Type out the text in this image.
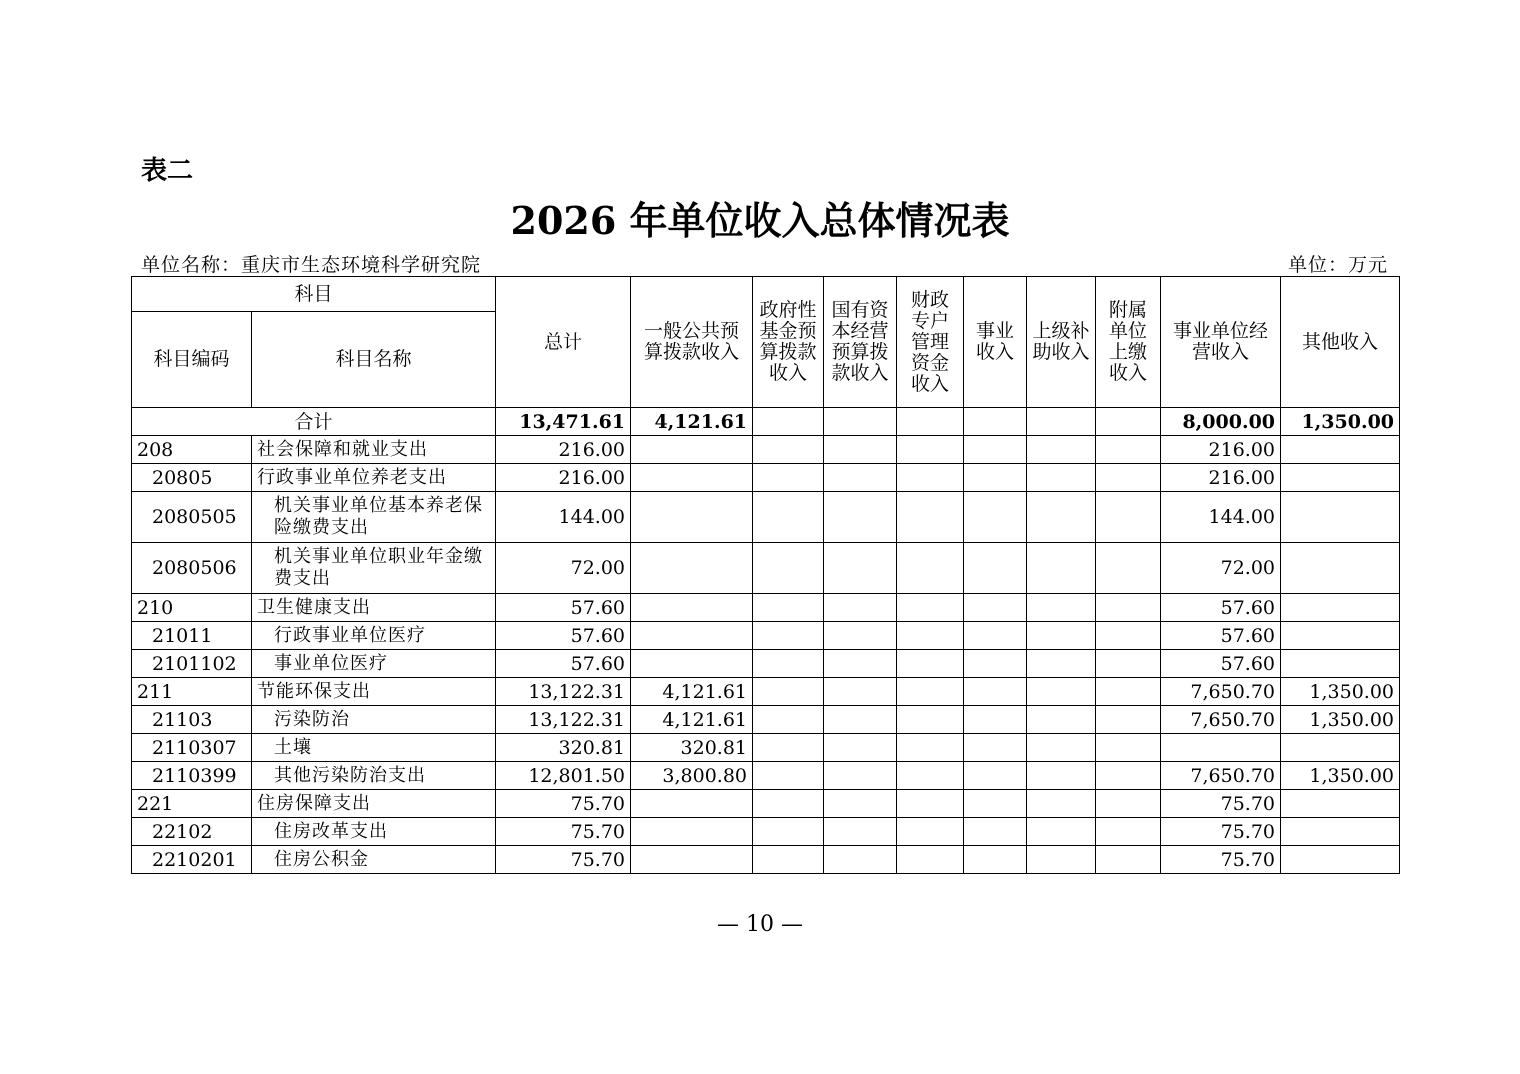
表二
2026 年单位收入总体情况表
单位名称：重庆市生态环境科学研究院	单位：万元
科目		总计	一般公共预算拨款收入	政府性基金预算拨款收入	国有资本经营预算拨款收入	财政专户管理资金收入	事业收入	上级补助收入	附属单位上缴收入	事业单位经营收入	其他收入
科目编码	科目名称										
合计		13,471.61	4,121.61							8,000.00	1,350.00
208	社会保障和就业支出	216.00								216.00	
20805	行政事业单位养老支出	216.00								216.00	
2080505	机关事业单位基本养老保险缴费支出	144.00								144.00	
2080506	机关事业单位职业年金缴费支出	72.00								72.00	
210	卫生健康支出	57.60								57.60	
21011	行政事业单位医疗	57.60								57.60	
2101102	事业单位医疗	57.60								57.60	
211	节能环保支出	13,122.31	4,121.61							7,650.70	1,350.00
21103	污染防治	13,122.31	4,121.61							7,650.70	1,350.00
2110307	土壤	320.81	320.81								
2110399	其他污染防治支出	12,801.50	3,800.80							7,650.70	1,350.00
221	住房保障支出	75.70								75.70	
22102	住房改革支出	75.70								75.70	
2210201	住房公积金	75.70								75.70	
— 10 —
